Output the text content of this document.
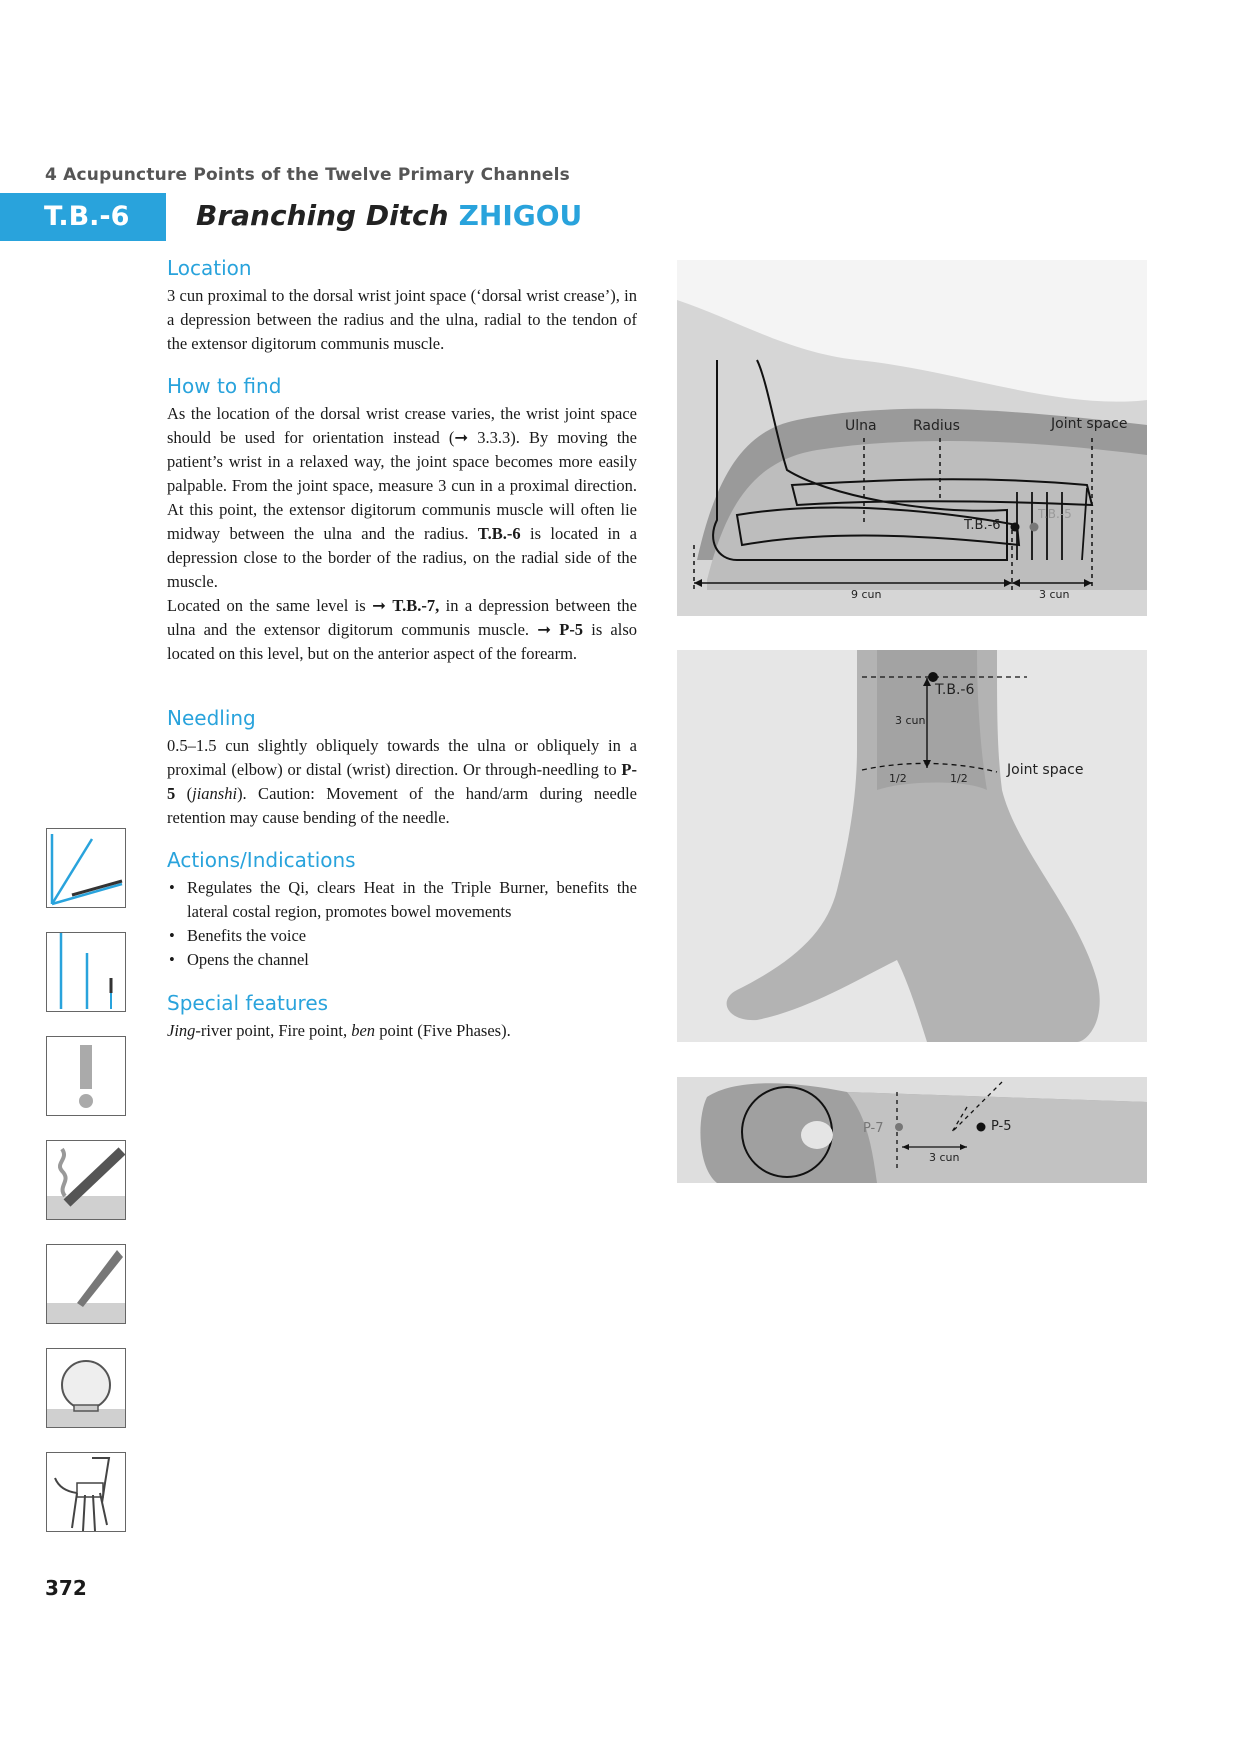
4 Acupuncture Points of the Twelve Primary Channels
T.B.-6	Branching Ditch ZHIGOU
Location

3 cun proximal to the dorsal wrist joint space (‘dorsal wrist crease’), in a depression between the radius and the ulna, radial to the tendon of the extensor digitorum communis muscle.

How to find

As the location of the dorsal wrist crease varies, the wrist joint space should be used for orientation instead (➞ 3.3.3). By moving the patient’s wrist in a relaxed way, the joint space becomes more easily palpable. From the joint space, measure 3 cun in a proximal direction. At this point, the extensor digitorum communis muscle will often lie midway between the ulna and the radius. T.B.-6 is located in a depression close to the border of the radius, on the radial side of the muscle.

Located on the same level is ➞ T.B.-7, in a depression between the ulna and the extensor digitorum communis muscle. ➞ P-5 is also located on this level, but on the anterior aspect of the forearm.

Needling

0.5–1.5 cun slightly obliquely towards the ulna or obliquely in a proximal (elbow) or distal (wrist) direction. Or through-needling to P-5 (jianshi). Caution: Movement of the hand/arm during needle retention may cause bending of the needle.

Actions/Indications
• Regulates the Qi, clears Heat in the Triple Burner, benefits the lateral costal region, promotes bowel movements
• Benefits the voice
• Opens the channel
Special features

Jing-river point, Fire point, ben point (Five Phases).

Ulna	Radius	Joint space
T.B.-6
T.B.-5
9 cun	3 cun
T.B.-6
3 cun
1/2	1/2
Joint space
P-7	P-5
3 cun
372
